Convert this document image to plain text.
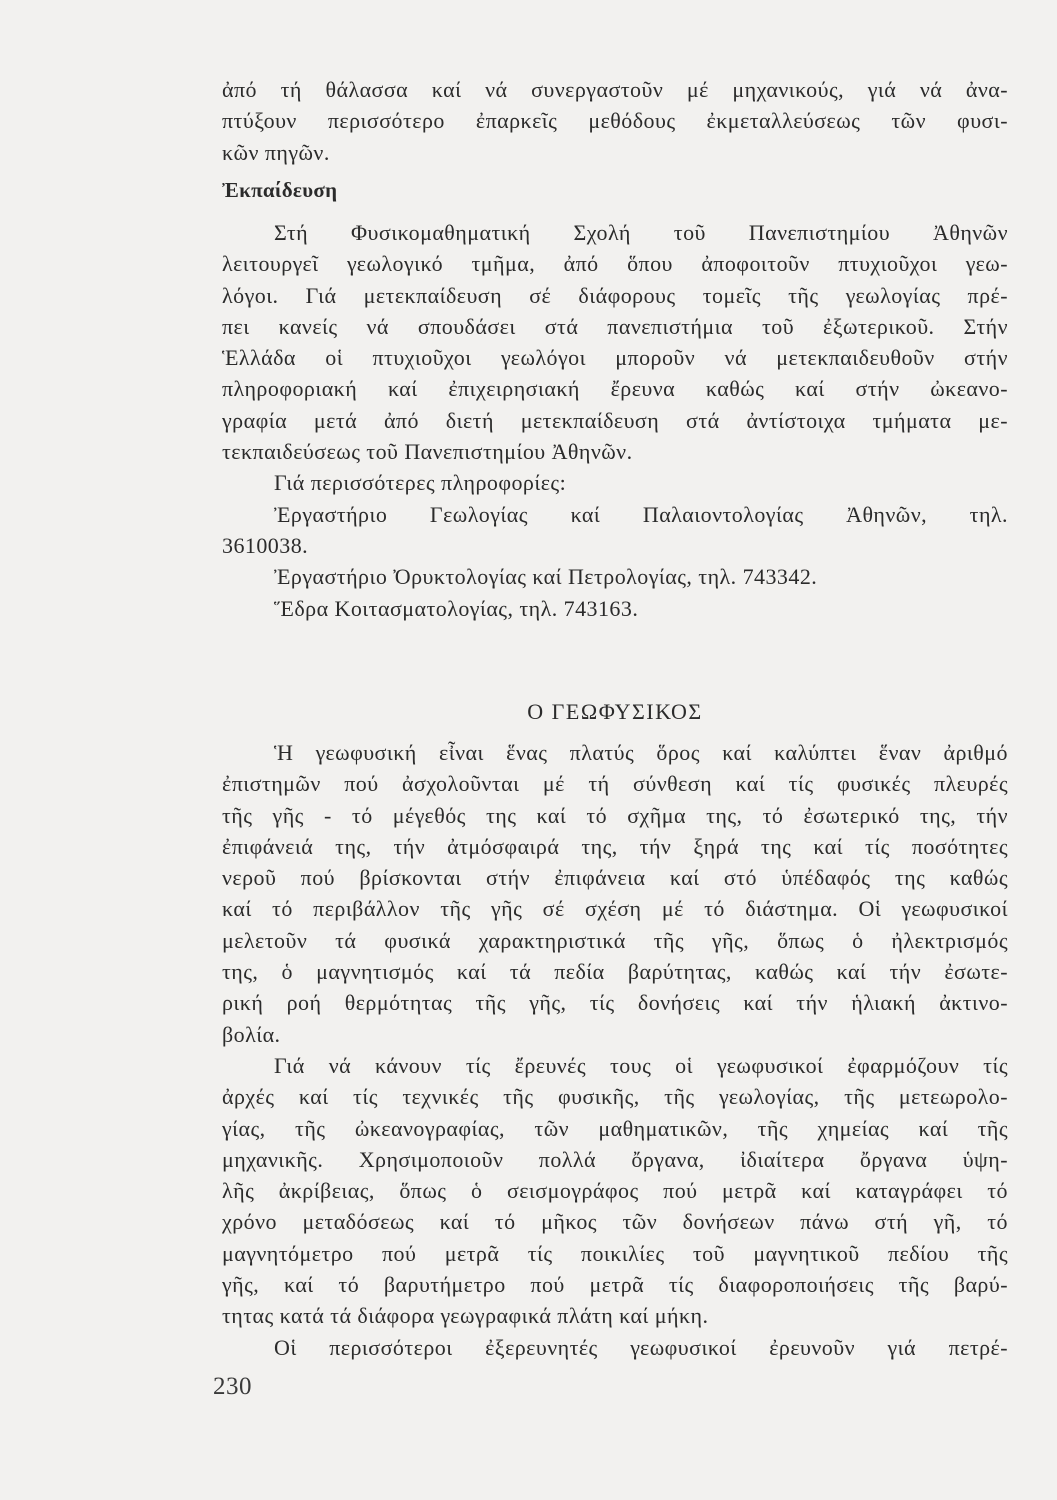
ἀπό τή θάλασσα καί νά συνεργαστοῦν μέ μηχανικούς, γιά νά ἀνα-
πτύξουν περισσότερο ἐπαρκεῖς μεθόδους ἐκμεταλλεύσεως τῶν φυσι-
κῶν πηγῶν.
Ἐκπαίδευση
Στή Φυσικομαθηματική Σχολή τοῦ Πανεπιστημίου Ἀθηνῶν
λειτουργεῖ γεωλογικό τμῆμα, ἀπό ὅπου ἀποφοιτοῦν πτυχιοῦχοι γεω-
λόγοι. Γιά μετεκπαίδευση σέ διάφορους τομεῖς τῆς γεωλογίας πρέ-
πει κανείς νά σπουδάσει στά πανεπιστήμια τοῦ ἐξωτερικοῦ. Στήν
Ἑλλάδα οἱ πτυχιοῦχοι γεωλόγοι μποροῦν νά μετεκπαιδευθοῦν στήν
πληροφοριακή καί ἐπιχειρησιακή ἔρευνα καθώς καί στήν ὠκεανο-
γραφία μετά ἀπό διετή μετεκπαίδευση στά ἀντίστοιχα τμήματα με-
τεκπαιδεύσεως τοῦ Πανεπιστημίου Ἀθηνῶν.
Γιά περισσότερες πληροφορίες:
Ἐργαστήριο Γεωλογίας καί Παλαιοντολογίας Ἀθηνῶν, τηλ.
3610038.
Ἐργαστήριο Ὀρυκτολογίας καί Πετρολογίας, τηλ. 743342.
Ἕδρα Κοιτασματολογίας, τηλ. 743163.
Ο ΓΕΩΦΥΣΙΚΟΣ
Ἡ γεωφυσική εἶναι ἕνας πλατύς ὅρος καί καλύπτει ἕναν ἀριθμό
ἐπιστημῶν πού ἀσχολοῦνται μέ τή σύνθεση καί τίς φυσικές πλευρές
τῆς γῆς - τό μέγεθός της καί τό σχῆμα της, τό ἐσωτερικό της, τήν
ἐπιφάνειά της, τήν ἀτμόσφαιρά της, τήν ξηρά της καί τίς ποσότητες
νεροῦ πού βρίσκονται στήν ἐπιφάνεια καί στό ὑπέδαφός της καθώς
καί τό περιβάλλον τῆς γῆς σέ σχέση μέ τό διάστημα. Οἱ γεωφυσικοί
μελετοῦν τά φυσικά χαρακτηριστικά τῆς γῆς, ὅπως ὁ ἠλεκτρισμός
της, ὁ μαγνητισμός καί τά πεδία βαρύτητας, καθώς καί τήν ἐσωτε-
ρική ροή θερμότητας τῆς γῆς, τίς δονήσεις καί τήν ἡλιακή ἀκτινο-
βολία.
Γιά νά κάνουν τίς ἔρευνές τους οἱ γεωφυσικοί ἐφαρμόζουν τίς
ἀρχές καί τίς τεχνικές τῆς φυσικῆς, τῆς γεωλογίας, τῆς μετεωρολο-
γίας, τῆς ὠκεανογραφίας, τῶν μαθηματικῶν, τῆς χημείας καί τῆς
μηχανικῆς. Χρησιμοποιοῦν πολλά ὄργανα, ἰδιαίτερα ὄργανα ὑψη-
λῆς ἀκρίβειας, ὅπως ὁ σεισμογράφος πού μετρᾶ καί καταγράφει τό
χρόνο μεταδόσεως καί τό μῆκος τῶν δονήσεων πάνω στή γῆ, τό
μαγνητόμετρο πού μετρᾶ τίς ποικιλίες τοῦ μαγνητικοῦ πεδίου τῆς
γῆς, καί τό βαρυτήμετρο πού μετρᾶ τίς διαφοροποιήσεις τῆς βαρύ-
τητας κατά τά διάφορα γεωγραφικά πλάτη καί μήκη.
Οἱ περισσότεροι ἐξερευνητές γεωφυσικοί ἐρευνοῦν γιά πετρέ-
230
